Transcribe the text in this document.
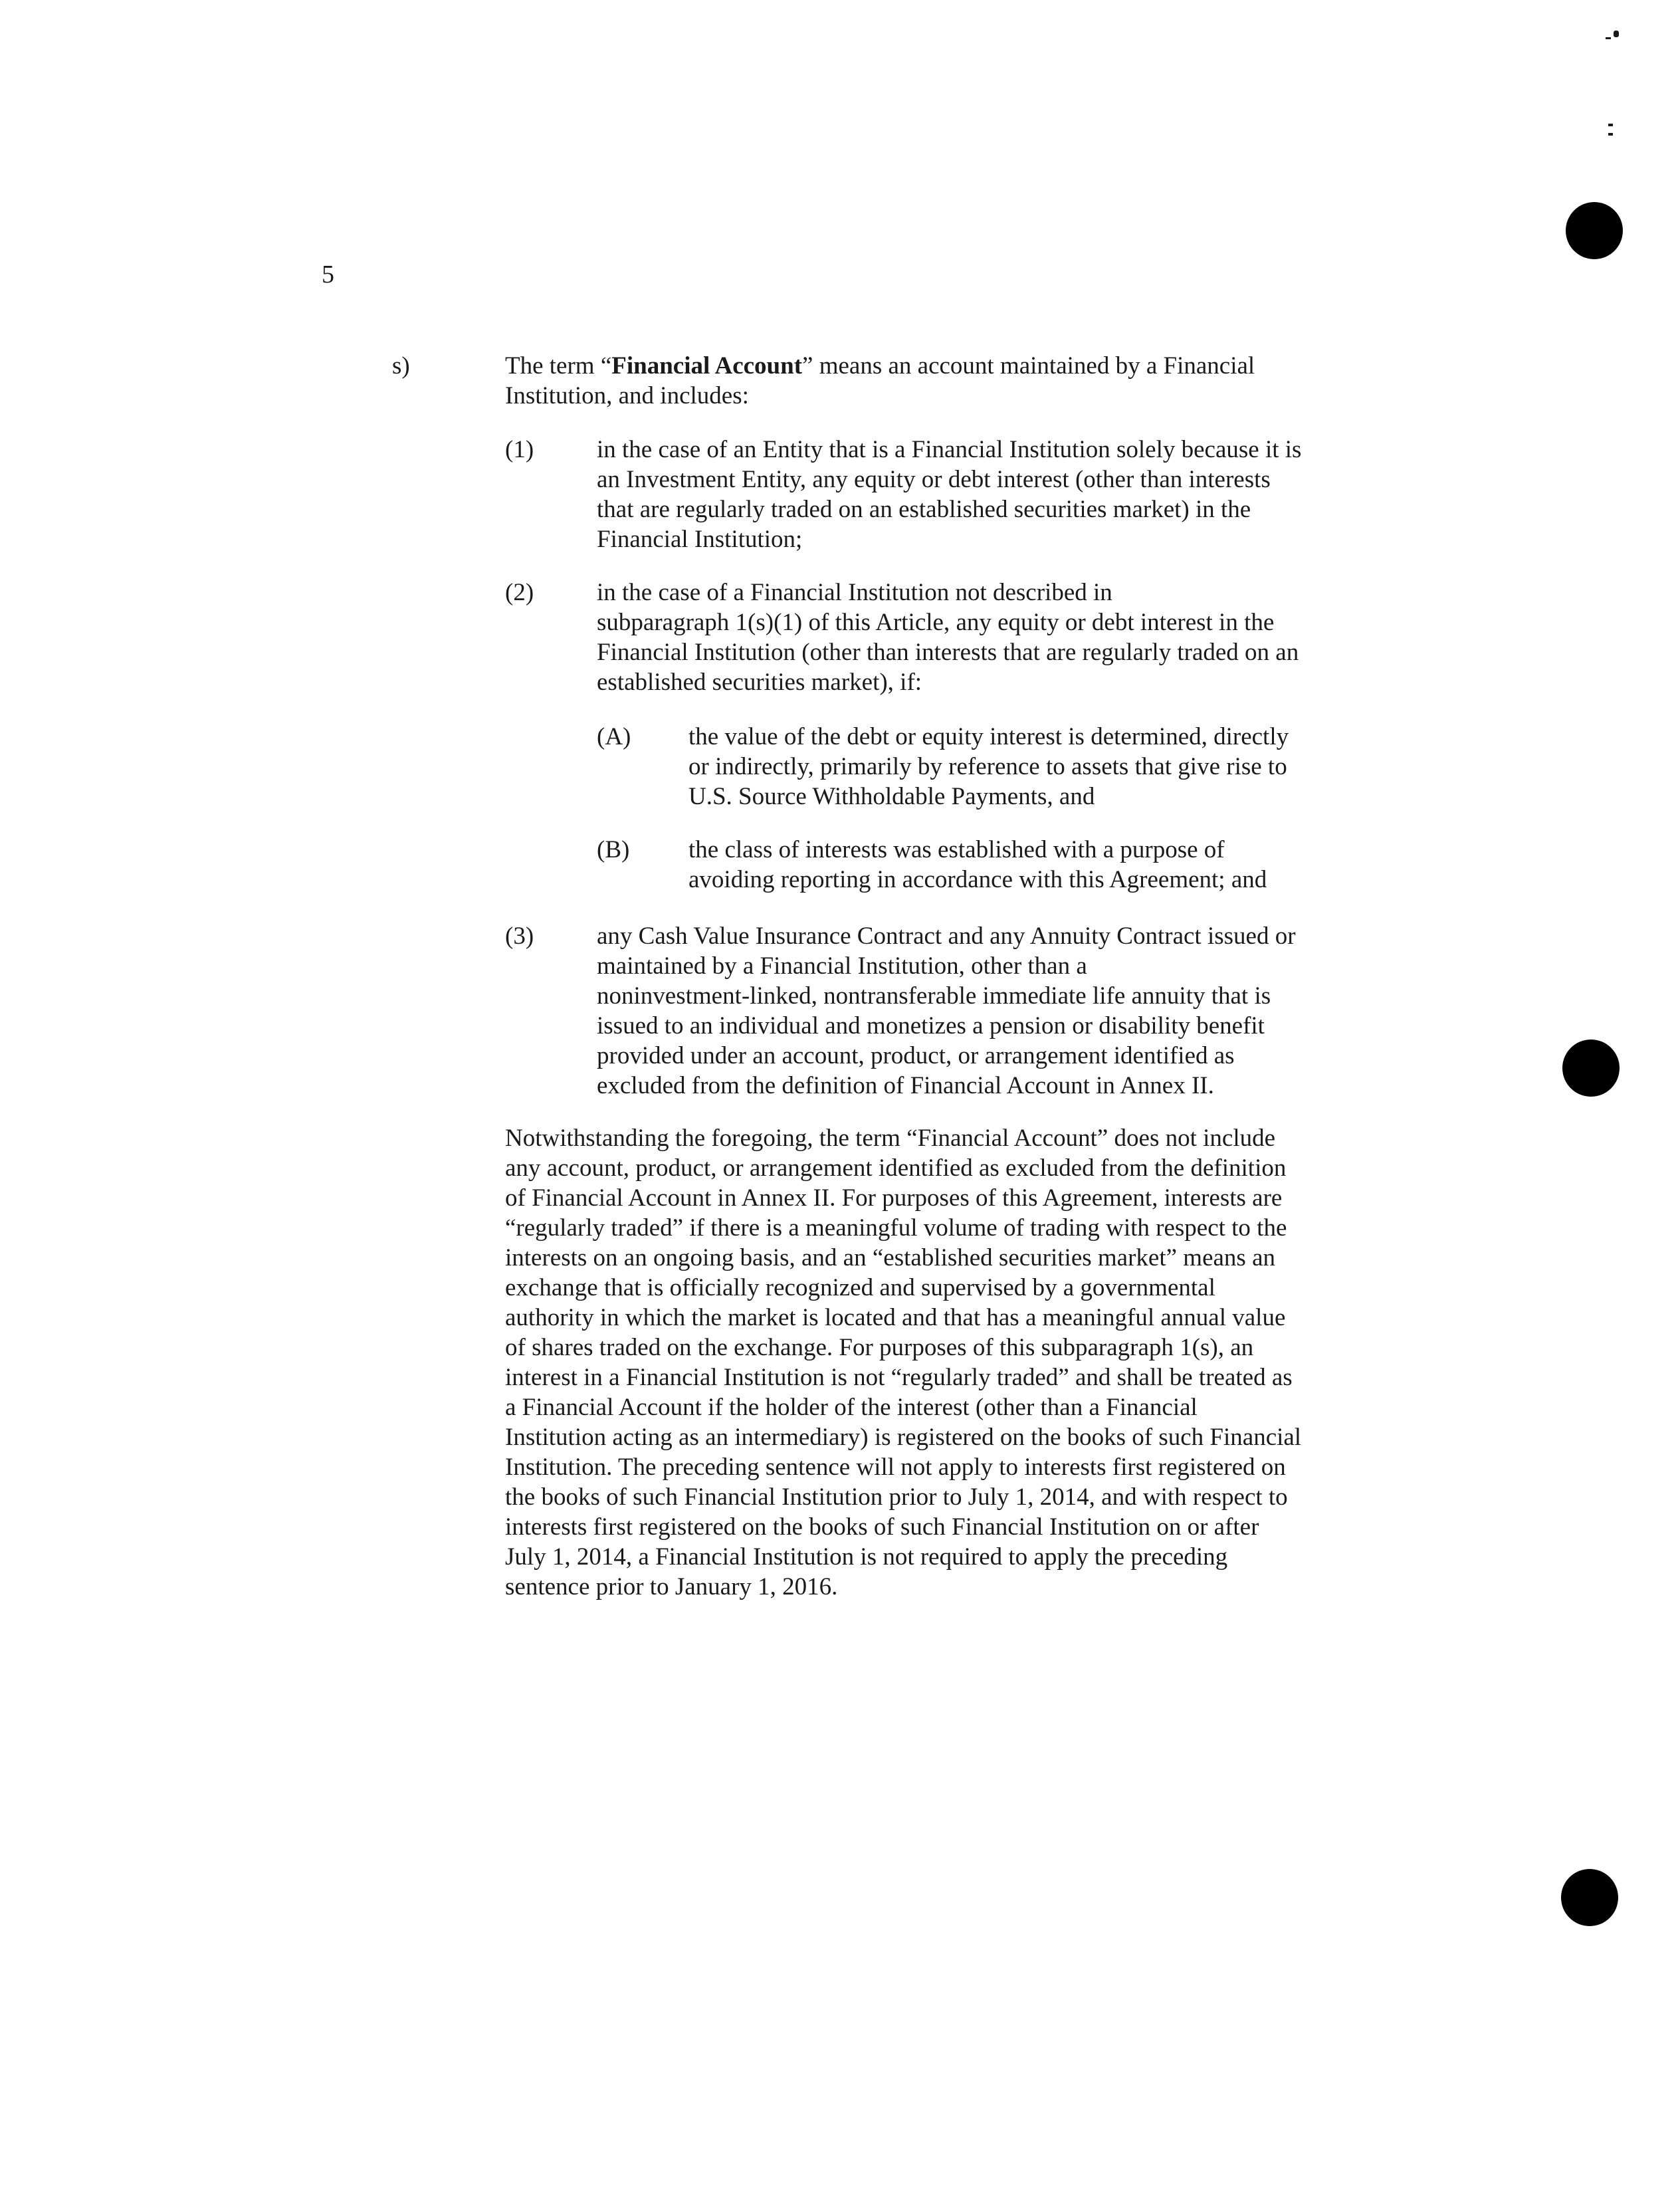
5
s)	The term “Financial Account” means an account maintained by a Financial
Institution, and includes:
(1)	in the case of an Entity that is a Financial Institution solely because it is
an Investment Entity, any equity or debt interest (other than interests
that are regularly traded on an established securities market) in the
Financial Institution;
(2)	in the case of a Financial Institution not described in
subparagraph 1(s)(1) of this Article, any equity or debt interest in the
Financial Institution (other than interests that are regularly traded on an
established securities market), if:
(A) the value of the debt or equity interest is determined, directly
or indirectly, primarily by reference to assets that give rise to
U.S. Source Withholdable Payments, and
(B) the class of interests was established with a purpose of
avoiding reporting in accordance with this Agreement; and
(3)	any Cash Value Insurance Contract and any Annuity Contract issued or
maintained by a Financial Institution, other than a
noninvestment-linked, nontransferable immediate life annuity that is
issued to an individual and monetizes a pension or disability benefit
provided under an account, product, or arrangement identified as
excluded from the definition of Financial Account in Annex II.
Notwithstanding the foregoing, the term “Financial Account” does not include
any account, product, or arrangement identified as excluded from the definition
of Financial Account in Annex II. For purposes of this Agreement, interests are
“regularly traded” if there is a meaningful volume of trading with respect to the
interests on an ongoing basis, and an “established securities market” means an
exchange that is officially recognized and supervised by a governmental
authority in which the market is located and that has a meaningful annual value
of shares traded on the exchange. For purposes of this subparagraph 1(s), an
interest in a Financial Institution is not “regularly traded” and shall be treated as
a Financial Account if the holder of the interest (other than a Financial
Institution acting as an intermediary) is registered on the books of such Financial
Institution. The preceding sentence will not apply to interests first registered on
the books of such Financial Institution prior to July 1, 2014, and with respect to
interests first registered on the books of such Financial Institution on or after
July 1, 2014, a Financial Institution is not required to apply the preceding
sentence prior to January 1, 2016.
